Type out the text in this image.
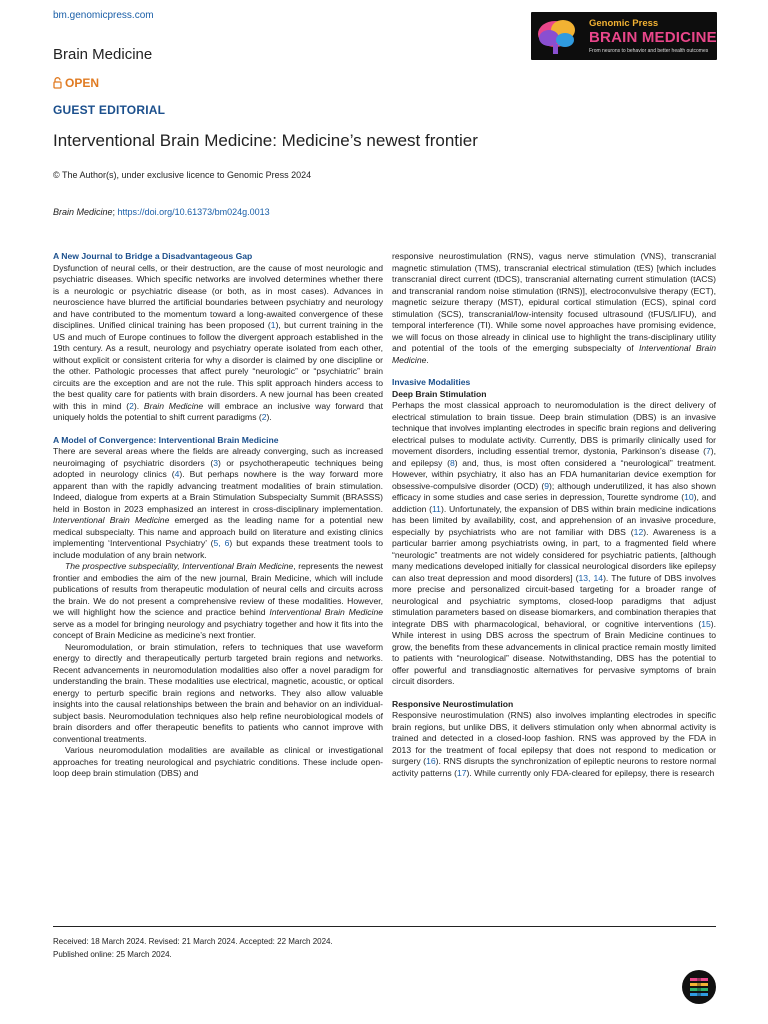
bm.genomicpress.com
Brain Medicine
OPEN
GUEST EDITORIAL
Interventional Brain Medicine: Medicine’s newest frontier
© The Author(s), under exclusive licence to Genomic Press 2024
Brain Medicine; https://doi.org/10.61373/bm024g.0013
Genomic Press
BRAIN MEDICINE
From neurons to behavior and better health outcomes

A New Journal to Bridge a Disadvantageous Gap

Dysfunction of neural cells, or their destruction, are the cause of most neurologic and psychiatric diseases. Which specific networks are involved determines whether there is a neurologic or psychiatric disease (or both, as in most cases). Advances in neuroscience have blurred the artificial boundaries between psychiatry and neurology and have contributed to the momentum toward a long-awaited convergence of these disciplines. Unified clinical training has been proposed (1), but current training in the US and much of Europe continues to follow the divergent approach established in the 19th century. As a result, neurology and psychiatry operate isolated from each other, without explicit or consistent criteria for why a disorder is claimed by one discipline or the other. Pathologic processes that affect purely “neurologic” or “psychiatric” brain circuits are the exception and are not the rule. This split approach hinders access to the best quality care for patients with brain disorders. A new journal has been created with this in mind (2). Brain Medicine will embrace an inclusive way forward that uniquely holds the potential to shift current paradigms (2).

A Model of Convergence: Interventional Brain Medicine

There are several areas where the fields are already converging, such as increased neuroimaging of psychiatric disorders (3) or psychotherapeutic techniques being adopted in neurology clinics (4). But perhaps nowhere is the way forward more apparent than with the rapidly advancing treatment modalities of brain stimulation. Indeed, dialogue from experts at a Brain Stimulation Subspecialty Summit (BRASSS) held in Boston in 2023 emphasized an interest in cross-disciplinary implementation. Interventional Brain Medicine emerged as the leading name for a potential new medical subspecialty. This name and approach build on literature and existing clinics implementing ‘Interventional Psychiatry’ (5, 6) but expands these treatment tools to include modulation of any brain network.

The prospective subspeciality, Interventional Brain Medicine, represents the newest frontier and embodies the aim of the new journal, Brain Medicine, which will include publications of results from therapeutic modulation of neural cells and circuits across the brain. We do not present a comprehensive review of these modalities. However, we will highlight how the science and practice behind Interventional Brain Medicine serve as a model for bringing neurology and psychiatry together and how it fits into the concept of Brain Medicine as medicine’s next frontier.

Neuromodulation, or brain stimulation, refers to techniques that use waveform energy to directly and therapeutically perturb targeted brain regions and networks. Recent advancements in neuromodulation modalities also offer a novel paradigm for understanding the brain. These modalities use electrical, magnetic, acoustic, or optical energy to perturb specific brain regions and networks. They also allow valuable insights into the causal relationships between the brain and behavior on an individual-subject basis. Neuromodulation techniques also help refine neurobiological models of brain disorders and offer therapeutic benefits to patients who cannot improve with conventional treatments.

Various neuromodulation modalities are available as clinical or investigational approaches for treating neurological and psychiatric conditions. These include open-loop deep brain stimulation (DBS) and

responsive neurostimulation (RNS), vagus nerve stimulation (VNS), transcranial magnetic stimulation (TMS), transcranial electrical stimulation (tES) [which includes transcranial direct current (tDCS), transcranial alternating current stimulation (tACS) and transcranial random noise stimulation (tRNS)], electroconvulsive therapy (ECT), magnetic seizure therapy (MST), epidural cortical stimulation (ECS), spinal cord stimulation (SCS), transcranial/low-intensity focused ultrasound (tFUS/LIFU), and temporal interference (TI). While some novel approaches have promising evidence, we will focus on those already in clinical use to highlight the trans-disciplinary utility and potential of the tools of the emerging subspecialty of Interventional Brain Medicine.

Invasive Modalities

Deep Brain Stimulation

Perhaps the most classical approach to neuromodulation is the direct delivery of electrical stimulation to brain tissue. Deep brain stimulation (DBS) is an invasive technique that involves implanting electrodes in specific brain regions and delivering electrical pulses to modulate activity. Currently, DBS is primarily clinically used for movement disorders, including essential tremor, dystonia, Parkinson’s disease (7), and epilepsy (8) and, thus, is most often considered a “neurological” treatment. However, within psychiatry, it also has an FDA humanitarian device exemption for obsessive-compulsive disorder (OCD) (9); although underutilized, it has also shown efficacy in some studies and case series in depression, Tourette syndrome (10), and addiction (11). Unfortunately, the expansion of DBS within brain medicine indications has been limited by availability, cost, and apprehension of an invasive procedure, especially by psychiatrists who are not familiar with DBS (12). Awareness is a particular barrier among psychiatrists owing, in part, to a fragmented field where “neurologic” treatments are not widely considered for psychiatric patients, [although many medications developed initially for classical neurological disorders like epilepsy can also treat depression and mood disorders] (13, 14). The future of DBS involves more precise and personalized circuit-based targeting for a broader range of neurological and psychiatric symptoms, closed-loop paradigms that adjust stimulation parameters based on disease biomarkers, and combination therapies that integrate DBS with pharmacological, behavioral, or cognitive interventions (15). While interest in using DBS across the spectrum of Brain Medicine continues to grow, the benefits from these advancements in clinical practice remain mostly limited to patients with “neurological” disease. Notwithstanding, DBS has the potential to offer powerful and transdiagnostic alternatives for pervasive symptoms of brain circuit disorders.

Responsive Neurostimulation

Responsive neurostimulation (RNS) also involves implanting electrodes in specific brain regions, but unlike DBS, it delivers stimulation only when abnormal activity is trained and detected in a closed-loop fashion. RNS was approved by the FDA in 2013 for the treatment of focal epilepsy that does not respond to medication or surgery (16). RNS disrupts the synchronization of epileptic neurons to restore normal activity patterns (17). While currently only FDA-cleared for epilepsy, there is research

Received: 18 March 2024. Revised: 21 March 2024. Accepted: 22 March 2024.
Published online: 25 March 2024.
